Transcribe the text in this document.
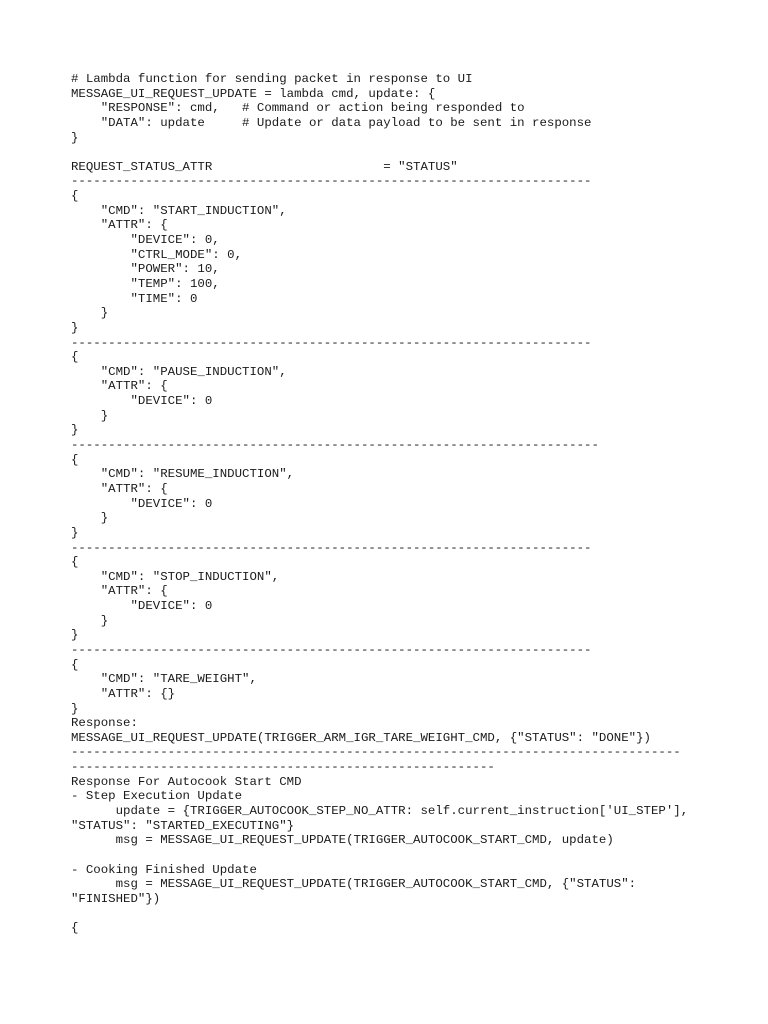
# Lambda function for sending packet in response to UI
MESSAGE_UI_REQUEST_UPDATE = lambda cmd, update: {
"RESPONSE": cmd,   # Command or action being responded to
"DATA": update     # Update or data payload to be sent in response
}
REQUEST_STATUS_ATTR                       = "STATUS"
----------------------------------------------------------------------
{
"CMD": "START_INDUCTION",
"ATTR": {
"DEVICE": 0,
"CTRL_MODE": 0,
"POWER": 10,
"TEMP": 100,
"TIME": 0
}
}
----------------------------------------------------------------------
{
"CMD": "PAUSE_INDUCTION",
"ATTR": {
"DEVICE": 0
}
}
-----------------------------------------------------------------------
{
"CMD": "RESUME_INDUCTION",
"ATTR": {
"DEVICE": 0
}
}
----------------------------------------------------------------------
{
"CMD": "STOP_INDUCTION",
"ATTR": {
"DEVICE": 0
}
}
----------------------------------------------------------------------
{
"CMD": "TARE_WEIGHT",
"ATTR": {}
}
Response:
MESSAGE_UI_REQUEST_UPDATE(TRIGGER_ARM_IGR_TARE_WEIGHT_CMD, {"STATUS": "DONE"})
----------------------------------------------------------------------------------
---------------------------------------------------------
Response For Autocook Start CMD
- Step Execution Update
update = {TRIGGER_AUTOCOOK_STEP_NO_ATTR: self.current_instruction['UI_STEP'],
"STATUS": "STARTED_EXECUTING"}
msg = MESSAGE_UI_REQUEST_UPDATE(TRIGGER_AUTOCOOK_START_CMD, update)
- Cooking Finished Update
msg = MESSAGE_UI_REQUEST_UPDATE(TRIGGER_AUTOCOOK_START_CMD, {"STATUS":
"FINISHED"})
{
